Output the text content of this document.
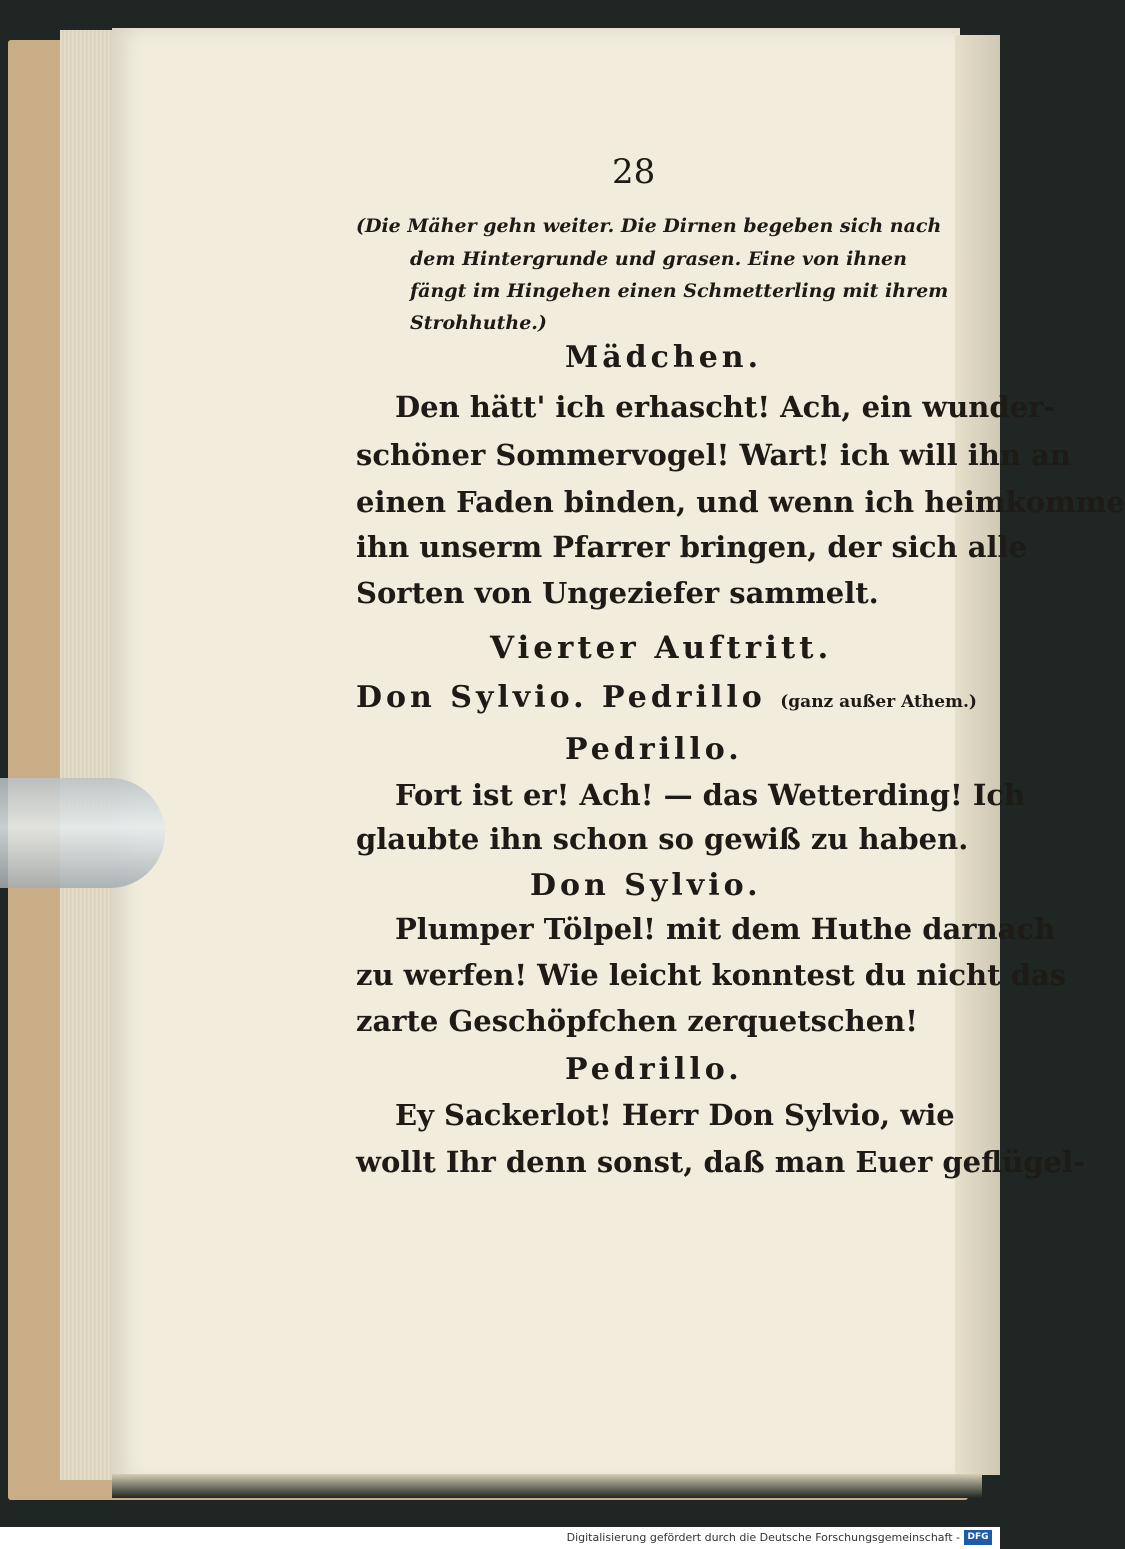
28
(Die Mäher gehn weiter. Die Dirnen begeben sich nach
dem Hintergrunde und grasen. Eine von ihnen
fängt im Hingehen einen Schmetterling mit ihrem
Strohhuthe.)
Mädchen.
Den hätt' ich erhascht! Ach, ein wunder-
schöner Sommervogel! Wart! ich will ihn an
einen Faden binden, und wenn ich heimkomme
ihn unserm Pfarrer bringen, der sich alle
Sorten von Ungeziefer sammelt.
Vierter Auftritt.
Don Sylvio. Pedrillo (ganz außer Athem.)
Pedrillo.
Fort ist er! Ach! — das Wetterding! Ich
glaubte ihn schon so gewiß zu haben.
Don Sylvio.
Plumper Tölpel! mit dem Huthe darnach
zu werfen! Wie leicht konntest du nicht das
zarte Geschöpfchen zerquetschen!
Pedrillo.
Ey Sackerlot! Herr Don Sylvio, wie
wollt Ihr denn sonst, daß man Euer geflügel-
Digitalisierung gefördert durch die Deutsche Forschungsgemeinschaft - DFG
